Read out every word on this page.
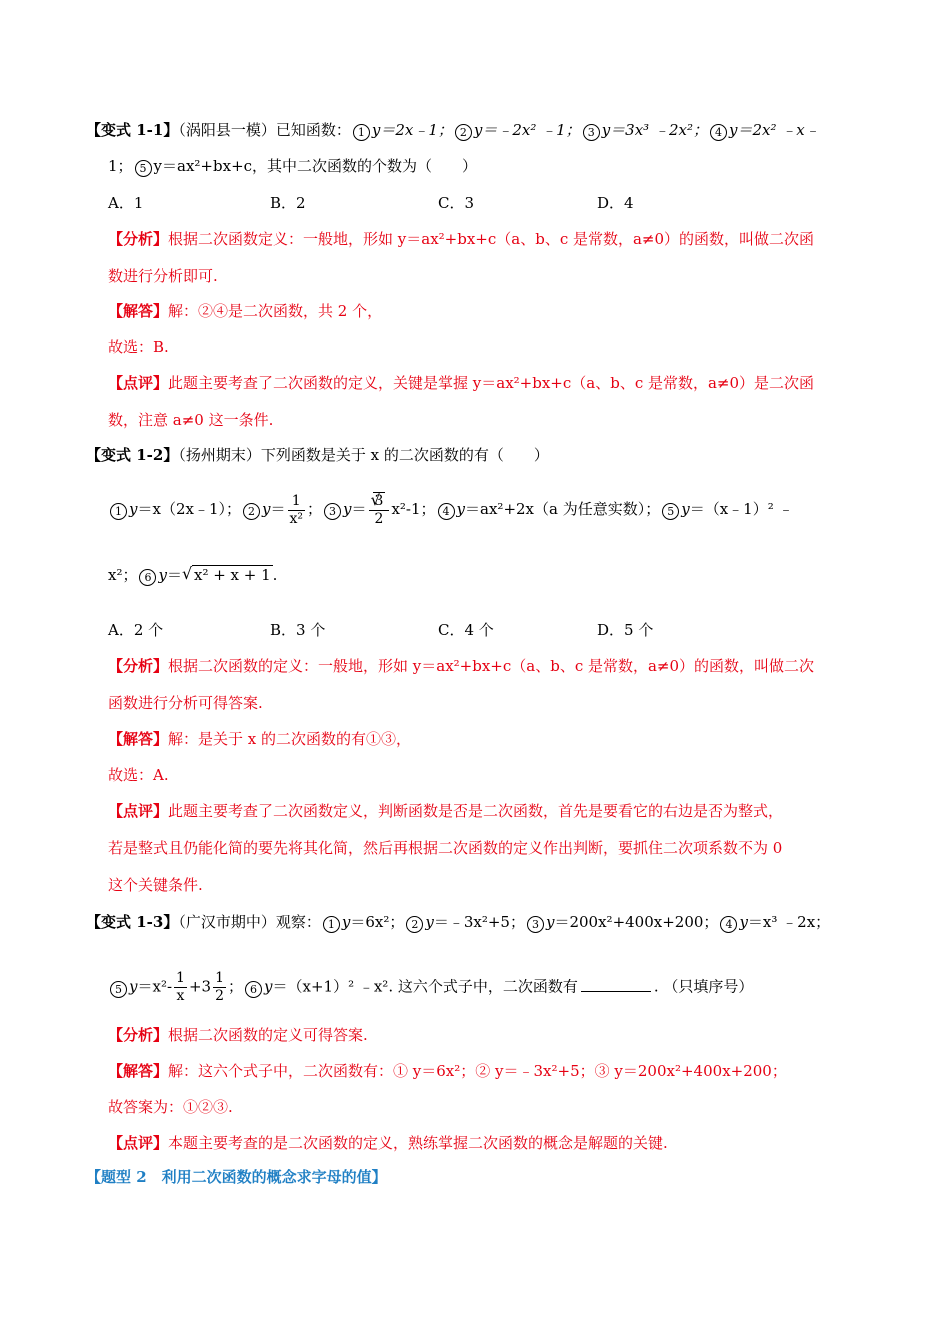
【变式 1-1】（涡阳县一模）已知函数： 1 y＝2x﹣1； 2 y＝﹣2x² ﹣1； 3 y＝3x³ ﹣2x²； 4 y＝2x² ﹣x﹣
1； 5 y＝ax²+bx+c，其中二次函数的个数为（　　）
A．1	B．2	C．3	D．4
【分析】根据二次函数定义：一般地，形如 y＝ax²+bx+c（a、b、c 是常数，a≠0）的函数，叫做二次函
数进行分析即可.
【解答】解：②④是二次函数，共 2 个，
故选：B.
【点评】此题主要考查了二次函数的定义，关键是掌握 y＝ax²+bx+c（a、b、c 是常数，a≠0）是二次函
数，注意 a≠0 这一条件.
【变式 1-2】（扬州期末）下列函数是关于 x 的二次函数的有（　　）
1 y＝x（2x﹣1）； 2 $y= \frac{1}{\text{x²}}$ ； 3 y＝ √ $\frac{3}{2} x^2-1$； 4 y＝ax²+2x（a 为任意实数）； 5 y＝（x﹣1）² ﹣
x²； 6 y＝ √ x² + x + 1 .
A．2 个	B．3 个	C．4 个	D．5 个
【分析】根据二次函数的定义：一般地，形如 y＝ax²+bx+c（a、b、c 是常数，a≠0）的函数，叫做二次
函数进行分析可得答案.
【解答】解：是关于 x 的二次函数的有①③，
故选：A.
【点评】此题主要考查了二次函数定义，判断函数是否是二次函数，首先是要看它的右边是否为整式，
若是整式且仍能化简的要先将其化简，然后再根据二次函数的定义作出判断，要抓住二次项系数不为 0
这个关键条件.
【变式 1-3】（广汉市期中）观察： 1 y＝6x²； 2 y＝﹣3x²+5； 3 y＝200x²+400x+200； 4 y＝x³ ﹣2x；
5 $y=x^2- \frac{1}{x} +3 \frac{1}{2}$ ； 6 y＝（x+1）² ﹣x². 这六个式子中，二次函数有	. （只填序号）
【分析】根据二次函数的定义可得答案.
【解答】解：这六个式子中，二次函数有：① y＝6x²；② y＝﹣3x²+5；③ y＝200x²+400x+200；
故答案为：①②③.
【点评】本题主要考查的是二次函数的定义，熟练掌握二次函数的概念是解题的关键.
【题型 2　利用二次函数的概念求字母的值】
